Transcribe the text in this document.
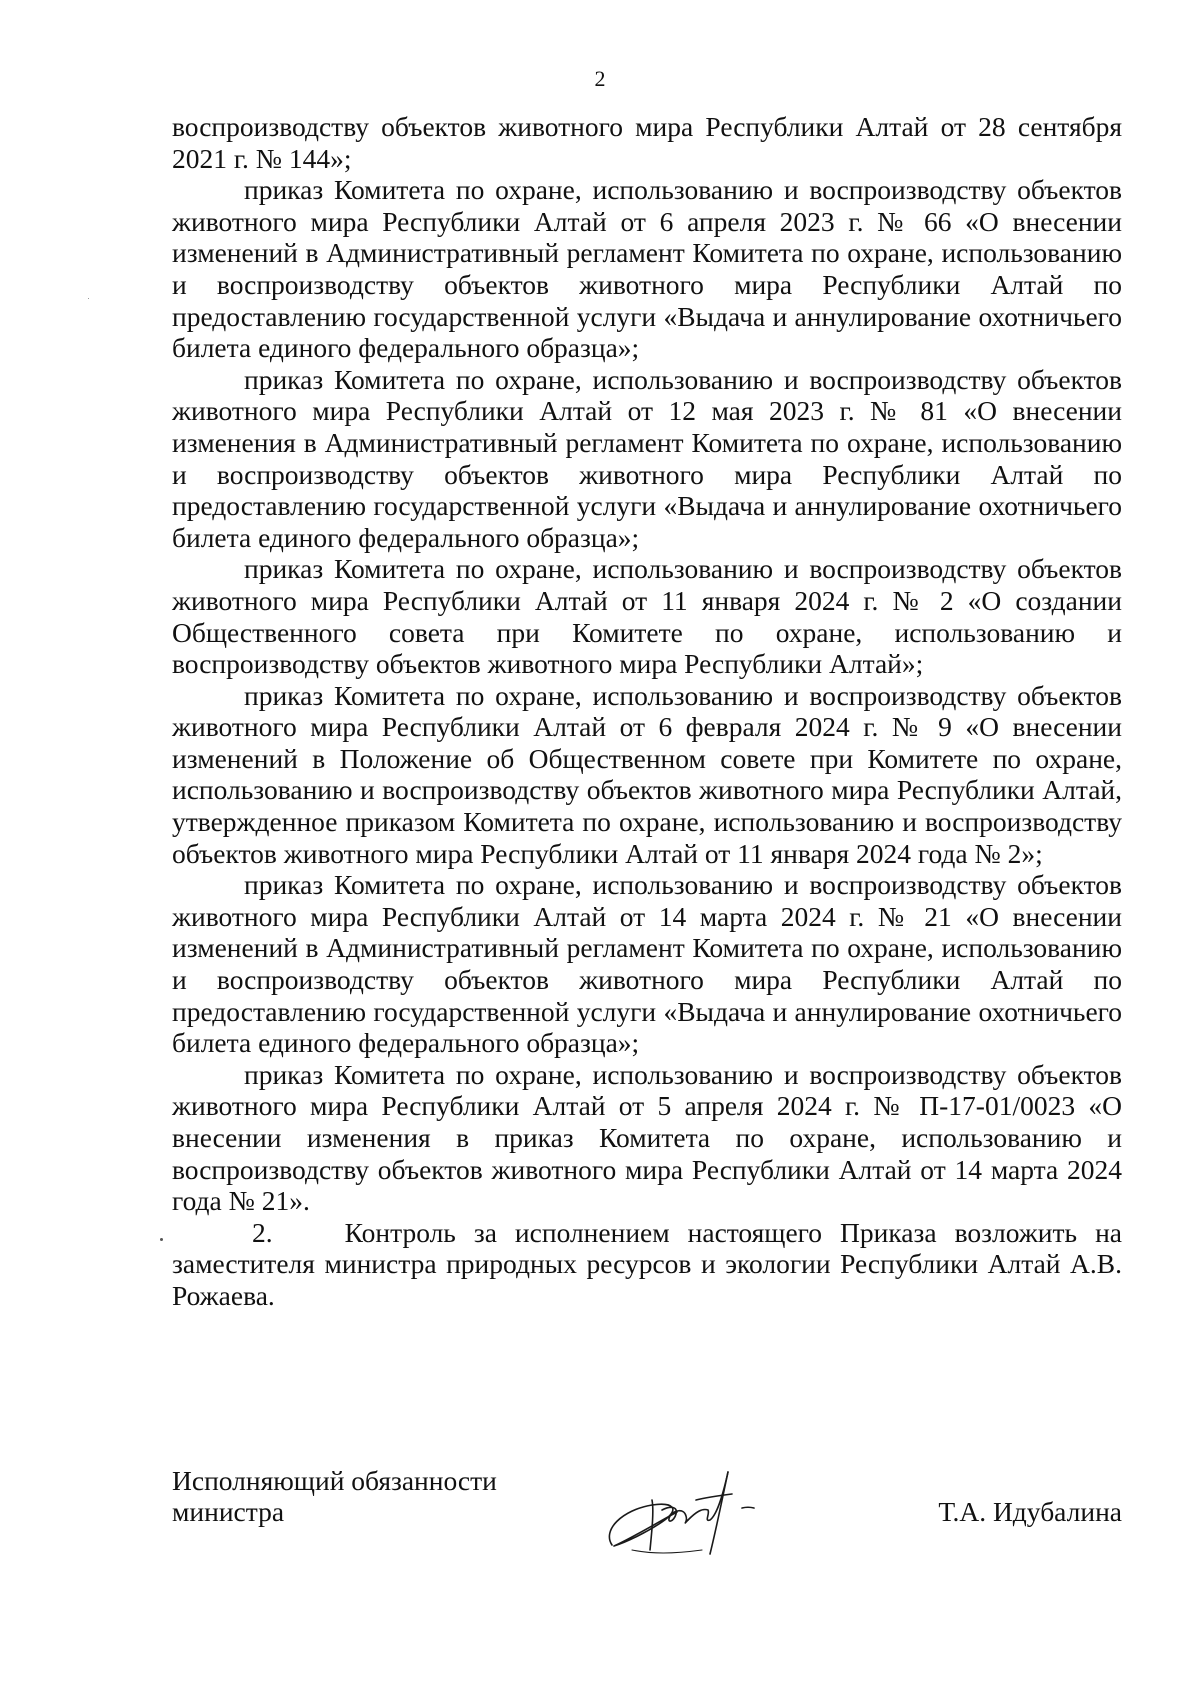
2

воспроизводству объектов животного мира Республики Алтай от 28 сентября 2021 г. № 144»;

приказ Комитета по охране, использованию и воспроизводству объектов животного мира Республики Алтай от 6 апреля 2023 г. № 66 «О внесении изменений в Административный регламент Комитета по охране, использованию и воспроизводству объектов животного мира Республики Алтай по предоставлению государственной услуги «Выдача и аннулирование охотничьего билета единого федерального образца»;

приказ Комитета по охране, использованию и воспроизводству объектов животного мира Республики Алтай от 12 мая 2023 г. № 81 «О внесении изменения в Административный регламент Комитета по охране, использованию и воспроизводству объектов животного мира Республики Алтай по предоставлению государственной услуги «Выдача и аннулирование охотничьего билета единого федерального образца»;

приказ Комитета по охране, использованию и воспроизводству объектов животного мира Республики Алтай от 11 января 2024 г. № 2 «О создании Общественного совета при Комитете по охране, использованию и воспроизводству объектов животного мира Республики Алтай»;

приказ Комитета по охране, использованию и воспроизводству объектов животного мира Республики Алтай от 6 февраля 2024 г. № 9 «О внесении изменений в Положение об Общественном совете при Комитете по охране, использованию и воспроизводству объектов животного мира Республики Алтай, утвержденное приказом Комитета по охране, использованию и воспроизводству объектов животного мира Республики Алтай от 11 января 2024 года № 2»;

приказ Комитета по охране, использованию и воспроизводству объектов животного мира Республики Алтай от 14 марта 2024 г. № 21 «О внесении изменений в Административный регламент Комитета по охране, использованию и воспроизводству объектов животного мира Республики Алтай по предоставлению государственной услуги «Выдача и аннулирование охотничьего билета единого федерального образца»;

приказ Комитета по охране, использованию и воспроизводству объектов животного мира Республики Алтай от 5 апреля 2024 г. № П-17-01/0023 «О внесении изменения в приказ Комитета по охране, использованию и воспроизводству объектов животного мира Республики Алтай от 14 марта 2024 года № 21».

2.    Контроль за исполнением настоящего Приказа возложить на заместителя министра природных ресурсов и экологии Республики Алтай А.В. Рожаева.

Исполняющий обязанности
министра	Т.А. Идубалина
